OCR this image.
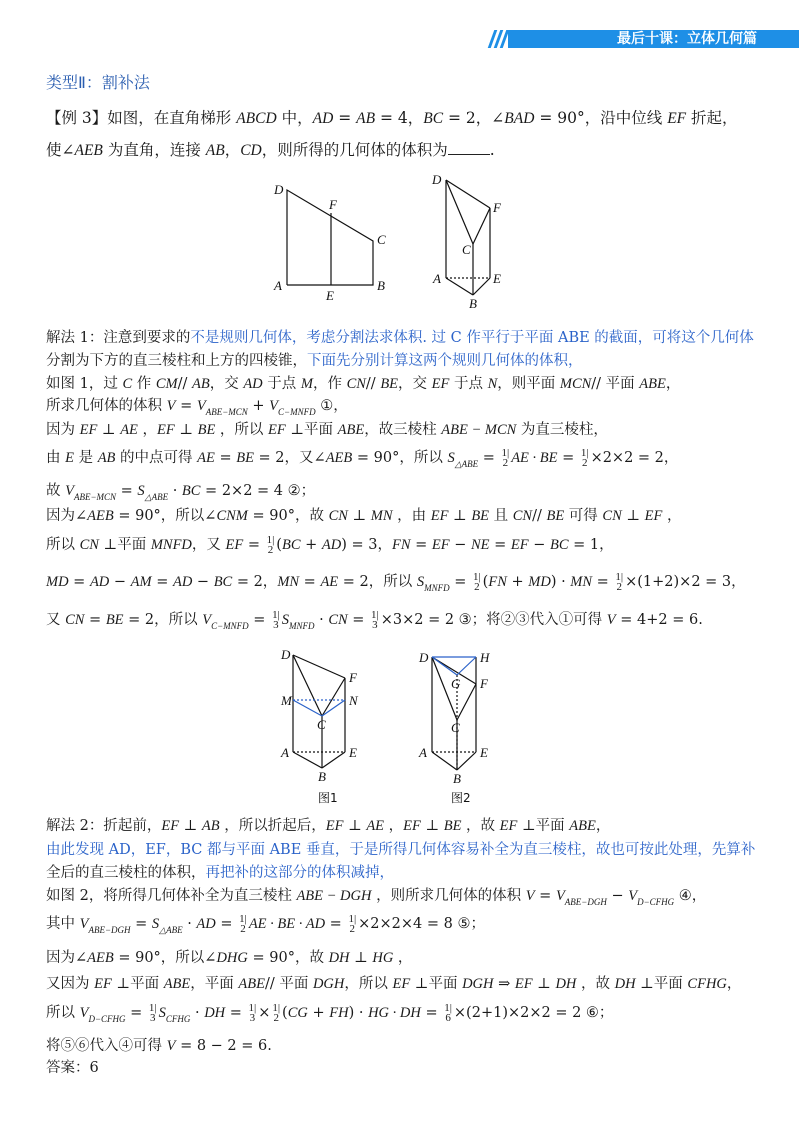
最后十课：立体几何篇
类型Ⅱ：割补法
【例 3】如图，在直角梯形 ABCD 中，AD = AB = 4，BC = 2，∠BAD = 90°，沿中位线 EF 折起，
使∠AEB 为直角，连接 AB，CD，则所得的几何体的体积为	.
解法 1：注意到要求的不是规则几何体，考虑分割法求体积. 过 C 作平行于平面 ABE 的截面，可将这个几何体
分割为下方的直三棱柱和上方的四棱锥，下面先分别计算这两个规则几何体的体积，
如图 1，过 C 作 CM// AB，交 AD 于点 M，作 CN// BE，交 EF 于点 N，则平面 MCN// 平面 ABE，
所求几何体的体积 $V = V_{ABE-MCN} + V_{C-MNFD}$ ①，
因为 EF ⊥ AE ，EF ⊥ BE ，所以 EF ⊥平面 ABE，故三棱柱 ABE − MCN 为直三棱柱，
由 E 是 AB 的中点可得 AE = BE = 2，又∠AEB = 90°，所以 $S_{\triangle ABE} = 1|2$ AE · BE = 1|2 ×2×2 = 2，
故 $V_{ABE-MCN} = S_{\triangle ABE}$ · BC = 2×2 = 4 ②；
因为∠AEB = 90°，所以∠CNM = 90°，故 CN ⊥ MN ，由 EF ⊥ BE 且 CN// BE 可得 CN ⊥ EF ，
所以 CN ⊥平面 MNFD，又 EF = 1|2 (BC + AD) = 3，FN = EF − NE = EF − BC = 1，
MD = AD − AM = AD − BC = 2，MN = AE = 2，所以 $S_{MNFD} = 1|2$ (FN + MD) · MN = 1|2 ×(1+2)×2 = 3，
又 CN = BE = 2，所以 $V_{C-MNFD} = 1|3$ $S_{MNFD}$ · CN = 1|3 ×3×2 = 2 ③；将②③代入①可得 V = 4+2 = 6.
解法 2：折起前，EF ⊥ AB ，所以折起后，EF ⊥ AE ，EF ⊥ BE ，故 EF ⊥平面 ABE，
由此发现 AD，EF，BC 都与平面 ABE 垂直，于是所得几何体容易补全为直三棱柱，故也可按此处理，先算补
全后的直三棱柱的体积，再把补的这部分的体积减掉，
如图 2，将所得几何体补全为直三棱柱 ABE − DGH ，则所求几何体的体积 $V = V_{ABE-DGH} - V_{D-CFHG}$ ④，
其中 $V_{ABE-DGH} = S_{\triangle ABE}$ · AD = 1|2 AE · BE · AD = 1|2 ×2×2×4 = 8 ⑤；
因为∠AEB = 90°，所以∠DHG = 90°，故 DH ⊥ HG ，
又因为 EF ⊥平面 ABE，平面 ABE// 平面 DGH，所以 EF ⊥平面 DGH ⇒ EF ⊥ DH ，故 DH ⊥平面 CFHG，
所以 $V_{D-CFHG} = 1|3$ $S_{CFHG}$ · DH = 1|3 × 1|2 (CG + FH) · HG · DH = 1|6 ×(2+1)×2×2 = 2 ⑥；
将⑤⑥代入④可得 V = 8 − 2 = 6.
答案：6
D
F
C
A
E
B
D
F
C
A	E
B
D
F
M	N
C
A	E
B
图1
D	H
G F
C
A	E
B
图2
